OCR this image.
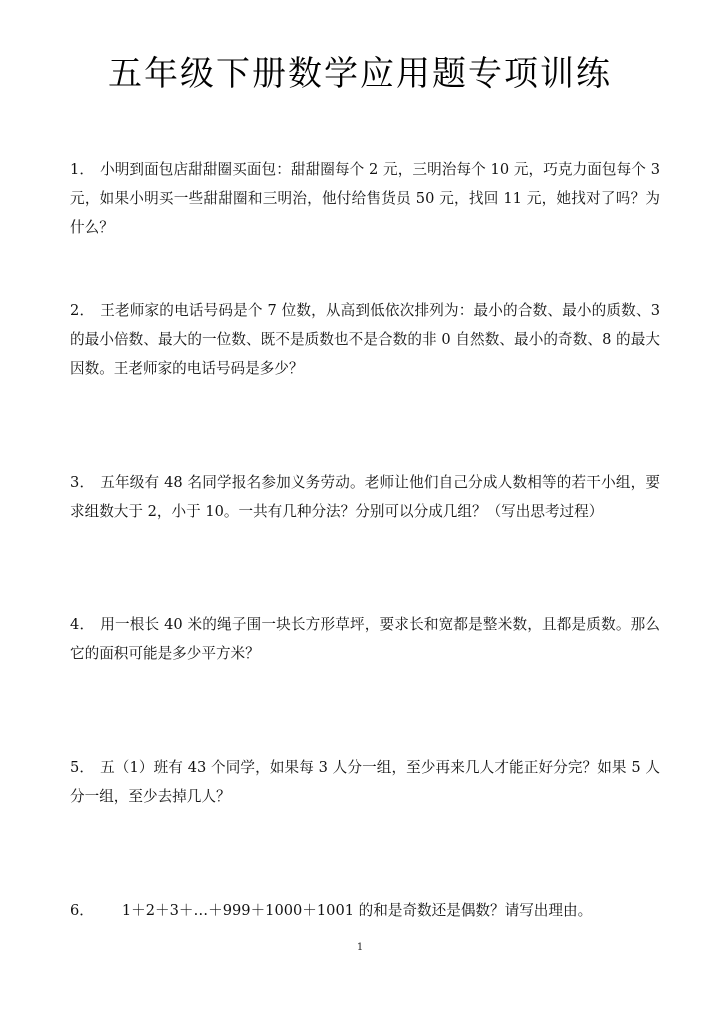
五年级下册数学应用题专项训练
1． 小明到面包店甜甜圈买面包：甜甜圈每个 2 元，三明治每个 10 元，巧克力面包每个 3 元，如果小明买一些甜甜圈和三明治，他付给售货员 50 元，找回 11 元，她找对了吗？为什么？
2． 王老师家的电话号码是个 7 位数，从高到低依次排列为：最小的合数、最小的质数、3 的最小倍数、最大的一位数、既不是质数也不是合数的非 0 自然数、最小的奇数、8 的最大因数。王老师家的电话号码是多少？
3． 五年级有 48 名同学报名参加义务劳动。老师让他们自己分成人数相等的若干小组，要求组数大于 2，小于 10。一共有几种分法？分别可以分成几组？（写出思考过程）
4． 用一根长 40 米的绳子围一块长方形草坪，要求长和宽都是整米数，且都是质数。那么它的面积可能是多少平方米？
5． 五（1）班有 43 个同学，如果每 3 人分一组，至少再来几人才能正好分完？如果 5 人分一组，至少去掉几人？
6． 1＋2＋3＋…＋999＋1000＋1001 的和是奇数还是偶数？请写出理由。
1
